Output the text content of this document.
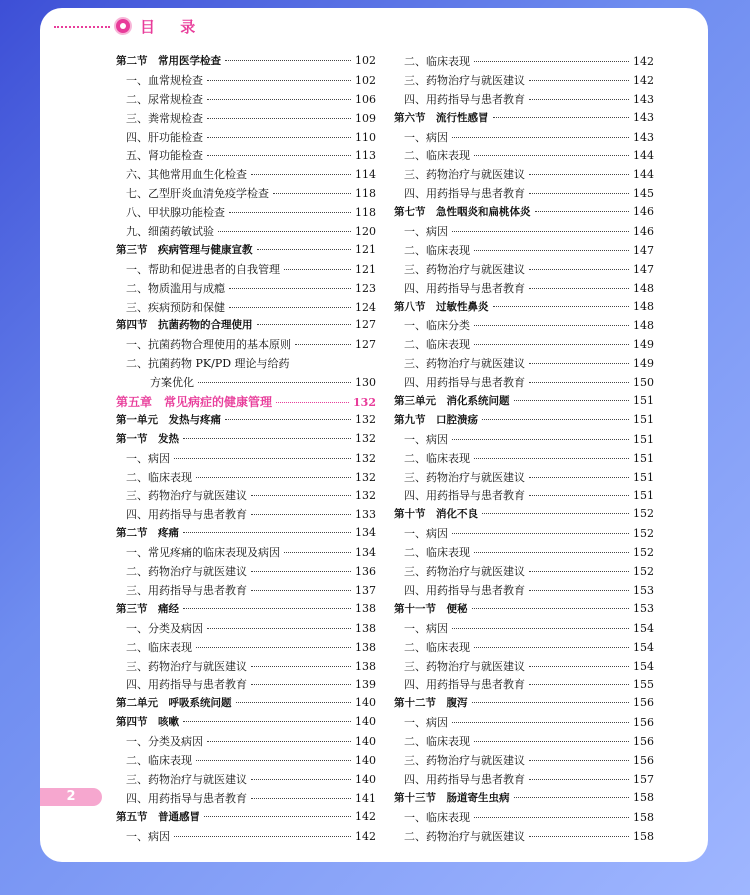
目 录
第二节　常用医学检查	102
一、血常规检查	102
二、尿常规检查	106
三、粪常规检查	109
四、肝功能检查	110
五、肾功能检查	113
六、其他常用血生化检查	114
七、乙型肝炎血清免疫学检查	118
八、甲状腺功能检查	118
九、细菌药敏试验	120
第三节　疾病管理与健康宣教	121
一、帮助和促进患者的自我管理	121
二、物质滥用与成瘾	123
三、疾病预防和保健	124
第四节　抗菌药物的合理使用	127
一、抗菌药物合理使用的基本原则	127
二、抗菌药物 PK/PD 理论与给药
方案优化	130
第五章　常见病症的健康管理	132
第一单元　发热与疼痛	132
第一节　发热	132
一、病因	132
二、临床表现	132
三、药物治疗与就医建议	132
四、用药指导与患者教育	133
第二节　疼痛	134
一、常见疼痛的临床表现及病因	134
二、药物治疗与就医建议	136
三、用药指导与患者教育	137
第三节　痛经	138
一、分类及病因	138
二、临床表现	138
三、药物治疗与就医建议	138
四、用药指导与患者教育	139
第二单元　呼吸系统问题	140
第四节　咳嗽	140
一、分类及病因	140
二、临床表现	140
三、药物治疗与就医建议	140
四、用药指导与患者教育	141
第五节　普通感冒	142
一、病因	142
二、临床表现	142
三、药物治疗与就医建议	142
四、用药指导与患者教育	143
第六节　流行性感冒	143
一、病因	143
二、临床表现	144
三、药物治疗与就医建议	144
四、用药指导与患者教育	145
第七节　急性咽炎和扁桃体炎	146
一、病因	146
二、临床表现	147
三、药物治疗与就医建议	147
四、用药指导与患者教育	148
第八节　过敏性鼻炎	148
一、临床分类	148
二、临床表现	149
三、药物治疗与就医建议	149
四、用药指导与患者教育	150
第三单元　消化系统问题	151
第九节　口腔溃疡	151
一、病因	151
二、临床表现	151
三、药物治疗与就医建议	151
四、用药指导与患者教育	151
第十节　消化不良	152
一、病因	152
二、临床表现	152
三、药物治疗与就医建议	152
四、用药指导与患者教育	153
第十一节　便秘	153
一、病因	154
二、临床表现	154
三、药物治疗与就医建议	154
四、用药指导与患者教育	155
第十二节　腹泻	156
一、病因	156
二、临床表现	156
三、药物治疗与就医建议	156
四、用药指导与患者教育	157
第十三节　肠道寄生虫病	158
一、临床表现	158
二、药物治疗与就医建议	158
2
